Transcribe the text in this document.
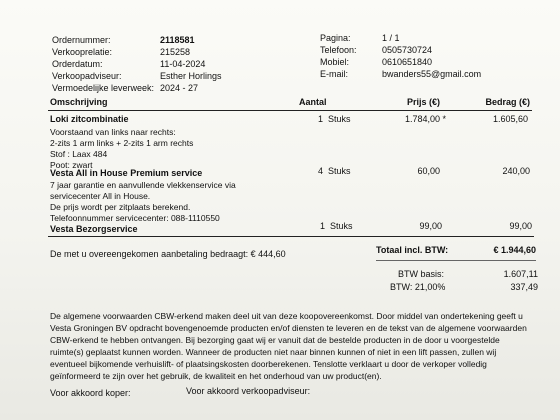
Ordernummer:	2118581
Verkooprelatie:	215258
Orderdatum:	11-04-2024
Verkoopadviseur:	Esther Horlings
Vermoedelijke leverweek: 2024 - 27
Pagina:	1 / 1
Telefoon:	0505730724
Mobiel:	0610651840
E-mail:	bwanders55@gmail.com
Omschrijving	Aantal	Prijs (€)	Bedrag (€)
Loki zitcombinatie	1 Stuks	1.784,00 *	1.605,60
Voorstaand van links naar rechts:
2-zits 1 arm links + 2-zits 1 arm rechts
Stof : Laax 484
Poot: zwart
Vesta All in House Premium service	4 Stuks	60,00	240,00
7 jaar garantie en aanvullende vlekkenservice via
servicecenter All in House.
De prijs wordt per zitplaats berekend.
Telefoonnummer servicecenter: 088-1110550
Vesta Bezorgservice	1 Stuks	99,00	99,00
De met u overeengekomen aanbetaling bedraagt: € 444,60	Totaal incl. BTW:	€ 1.944,60
BTW basis:	1.607,11
BTW: 21,00%	337,49
De algemene voorwaarden CBW-erkend maken deel uit van deze koopovereenkomst. Door middel van ondertekening geeft u
Vesta Groningen BV opdracht bovengenoemde producten en/of diensten te leveren en de tekst van de algemene voorwaarden
CBW-erkend te hebben ontvangen. Bij bezorging gaat wij er vanuit dat de bestelde producten in de door u voorgestelde
ruimte(s) geplaatst kunnen worden. Wanneer de producten niet naar binnen kunnen of niet in een lift passen, zullen wij
eventueel bijkomende verhuislift- of plaatsingskosten doorberekenen. Tenslotte verklaart u door de verkoper volledig
geïnformeerd te zijn over het gebruik, de kwaliteit en het onderhoud van uw product(en).
Voor akkoord koper:	Voor akkoord verkoopadviseur:
